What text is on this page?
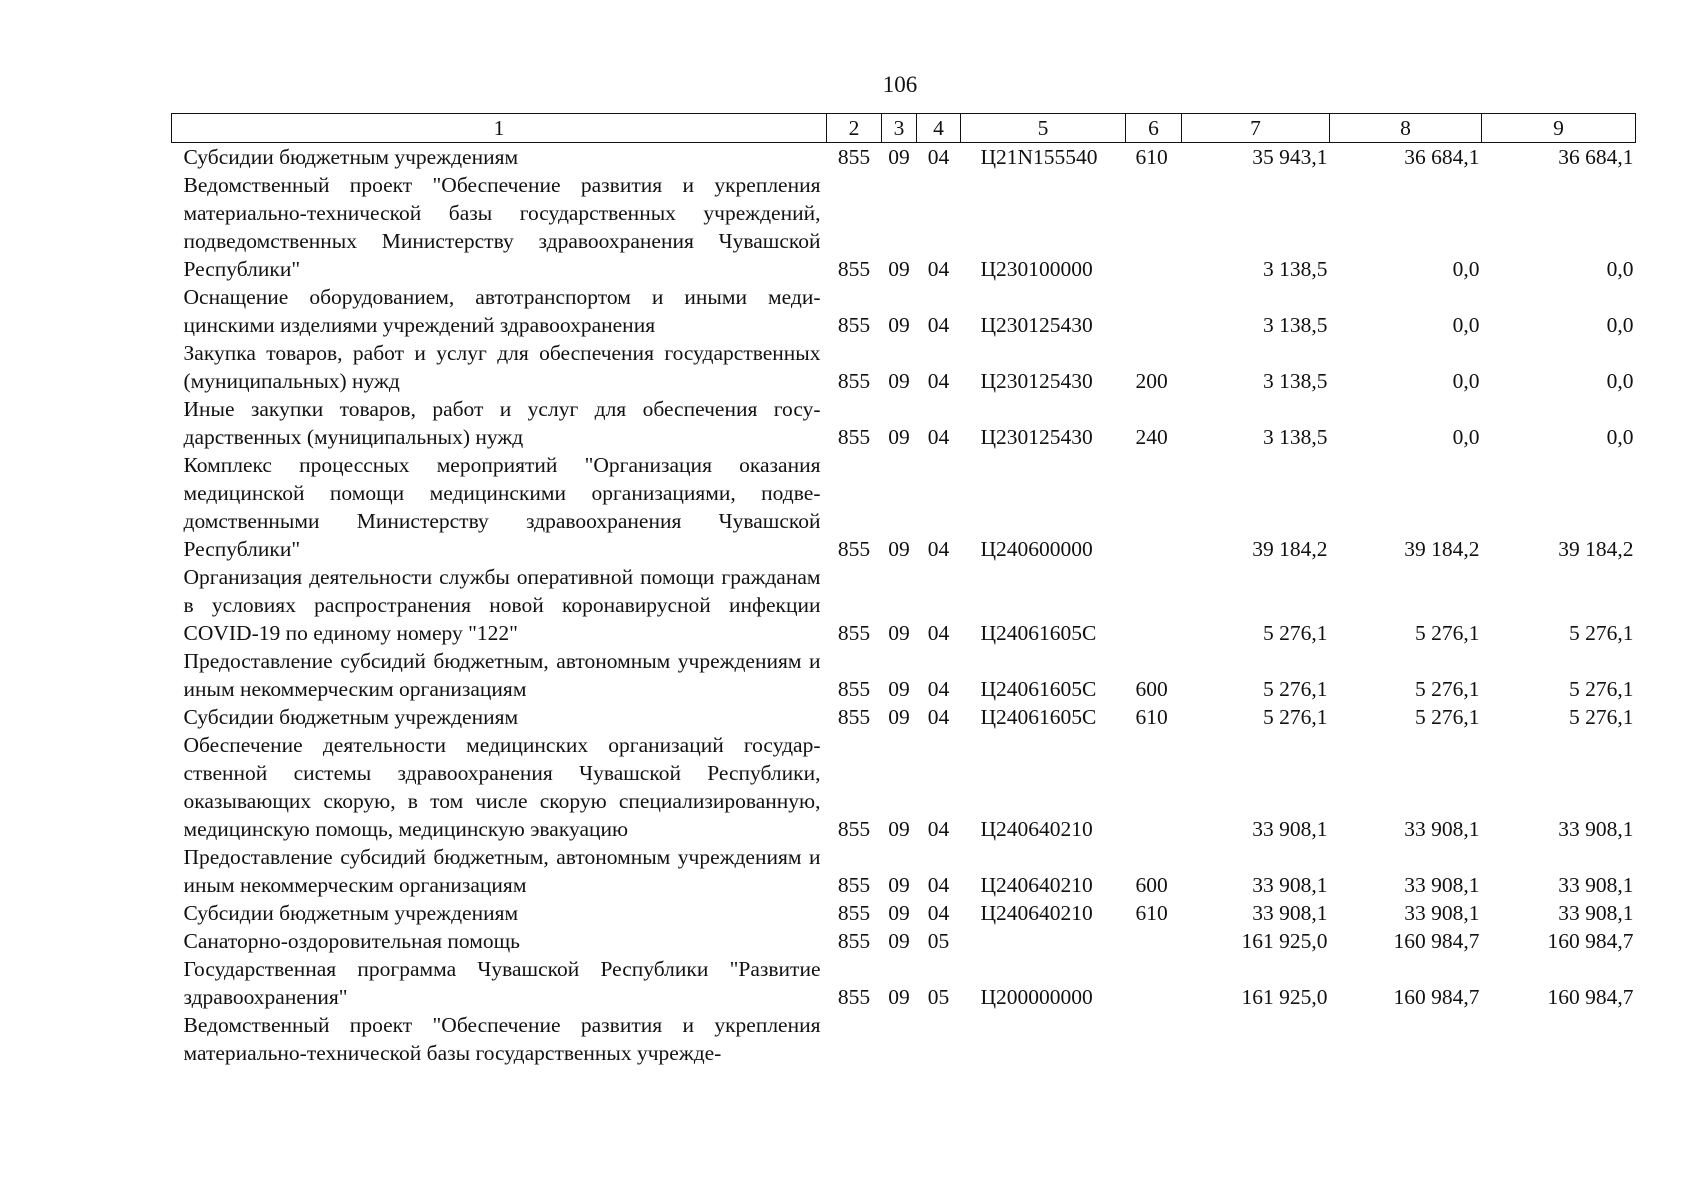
106
1	2	3	4	5	6	7	8	9
Субсидии бюджетным учреждениям	855	09	04	Ц21N155540	610	35 943,1	36 684,1	36 684,1
Ведомственный проект "Обеспечение развития и укрепления материально-технической базы государственных учреждений, подведомственных Министерству здравоохранения Чувашской Республики"	855	09	04	Ц230100000		3 138,5	0,0	0,0
Оснащение оборудованием, автотранспортом и иными медицинскими изделиями учреждений здравоохранения	855	09	04	Ц230125430		3 138,5	0,0	0,0
Закупка товаров, работ и услуг для обеспечения государственных (муниципальных) нужд	855	09	04	Ц230125430	200	3 138,5	0,0	0,0
Иные закупки товаров, работ и услуг для обеспечения государственных (муниципальных) нужд	855	09	04	Ц230125430	240	3 138,5	0,0	0,0
Комплекс процессных мероприятий "Организация оказания медицинской помощи медицинскими организациями, подведомственными Министерству здравоохранения Чувашской Республики"	855	09	04	Ц240600000		39 184,2	39 184,2	39 184,2
Организация деятельности службы оперативной помощи гражданам в условиях распространения новой коронавирусной инфекции COVID-19 по единому номеру "122"	855	09	04	Ц24061605C		5 276,1	5 276,1	5 276,1
Предоставление субсидий бюджетным, автономным учреждениям и иным некоммерческим организациям	855	09	04	Ц24061605C	600	5 276,1	5 276,1	5 276,1
Субсидии бюджетным учреждениям	855	09	04	Ц24061605C	610	5 276,1	5 276,1	5 276,1
Обеспечение деятельности медицинских организаций государственной системы здравоохранения Чувашской Республики, оказывающих скорую, в том числе скорую специализированную, медицинскую помощь, медицинскую эвакуацию	855	09	04	Ц240640210		33 908,1	33 908,1	33 908,1
Предоставление субсидий бюджетным, автономным учреждениям и иным некоммерческим организациям	855	09	04	Ц240640210	600	33 908,1	33 908,1	33 908,1
Субсидии бюджетным учреждениям	855	09	04	Ц240640210	610	33 908,1	33 908,1	33 908,1
Санаторно-оздоровительная помощь	855	09	05			161 925,0	160 984,7	160 984,7
Государственная программа Чувашской Республики "Развитие здравоохранения"	855	09	05	Ц200000000		161 925,0	160 984,7	160 984,7
Ведомственный проект "Обеспечение развития и укрепления материально-технической базы государственных учрежде-								
